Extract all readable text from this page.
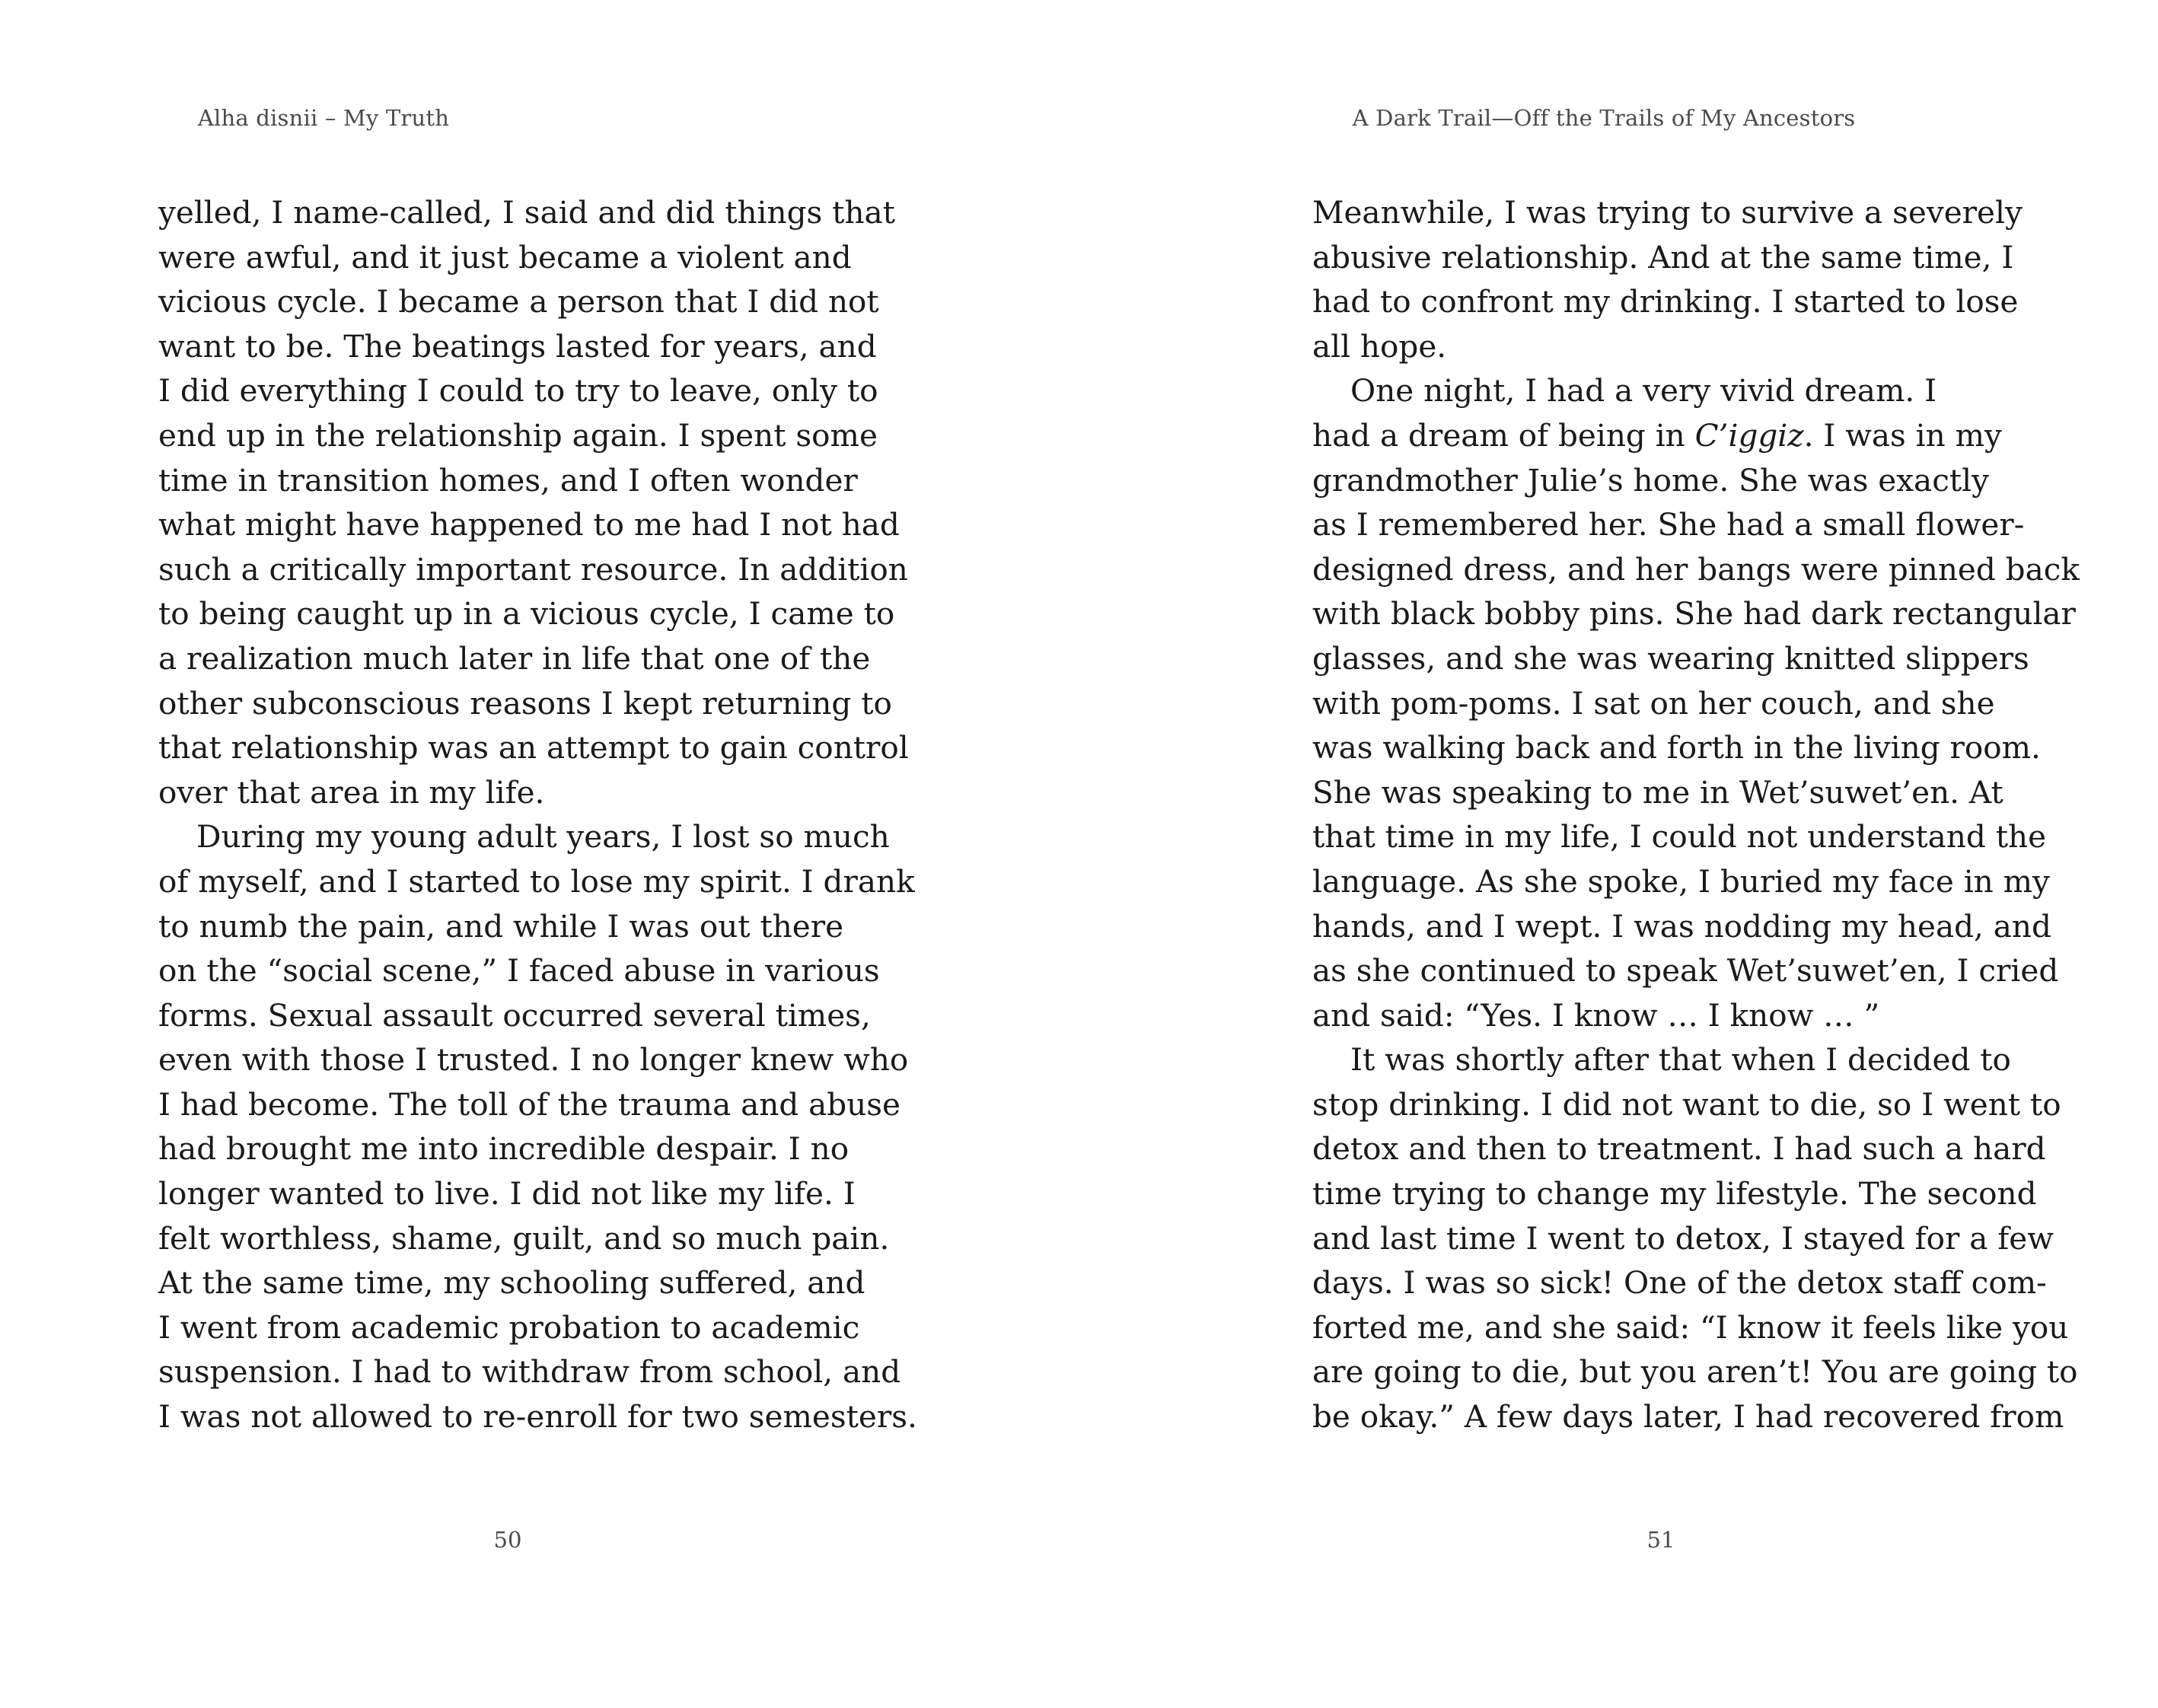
Alha disnii – My Truth
yelled, I name-called, I said and did things that
were awful, and it just became a violent and
vicious cycle. I became a person that I did not
want to be. The beatings lasted for years, and
I did everything I could to try to leave, only to
end up in the relationship again. I spent some
time in transition homes, and I often wonder
what might have happened to me had I not had
such a critically important resource. In addition
to being caught up in a vicious cycle, I came to
a realization much later in life that one of the
other subconscious reasons I kept returning to
that relationship was an attempt to gain control
over that area in my life.
During my young adult years, I lost so much
of myself, and I started to lose my spirit. I drank
to numb the pain, and while I was out there
on the “social scene,” I faced abuse in various
forms. Sexual assault occurred several times,
even with those I trusted. I no longer knew who
I had become. The toll of the trauma and abuse
had brought me into incredible despair. I no
longer wanted to live. I did not like my life. I
felt worthless, shame, guilt, and so much pain.
At the same time, my schooling suffered, and
I went from academic probation to academic
suspension. I had to withdraw from school, and
I was not allowed to re-enroll for two semesters.
50
A Dark Trail—Off the Trails of My Ancestors
Meanwhile, I was trying to survive a severely
abusive relationship. And at the same time, I
had to confront my drinking. I started to lose
all hope.
One night, I had a very vivid dream. I
had a dream of being in C’iggiz. I was in my
grandmother Julie’s home. She was exactly
as I remembered her. She had a small flower-
designed dress, and her bangs were pinned back
with black bobby pins. She had dark rectangular
glasses, and she was wearing knitted slippers
with pom-poms. I sat on her couch, and she
was walking back and forth in the living room.
She was speaking to me in Wet’suwet’en. At
that time in my life, I could not understand the
language. As she spoke, I buried my face in my
hands, and I wept. I was nodding my head, and
as she continued to speak Wet’suwet’en, I cried
and said: “Yes. I know … I know … ”
It was shortly after that when I decided to
stop drinking. I did not want to die, so I went to
detox and then to treatment. I had such a hard
time trying to change my lifestyle. The second
and last time I went to detox, I stayed for a few
days. I was so sick! One of the detox staff com-
forted me, and she said: “I know it feels like you
are going to die, but you aren’t! You are going to
be okay.” A few days later, I had recovered from
51
